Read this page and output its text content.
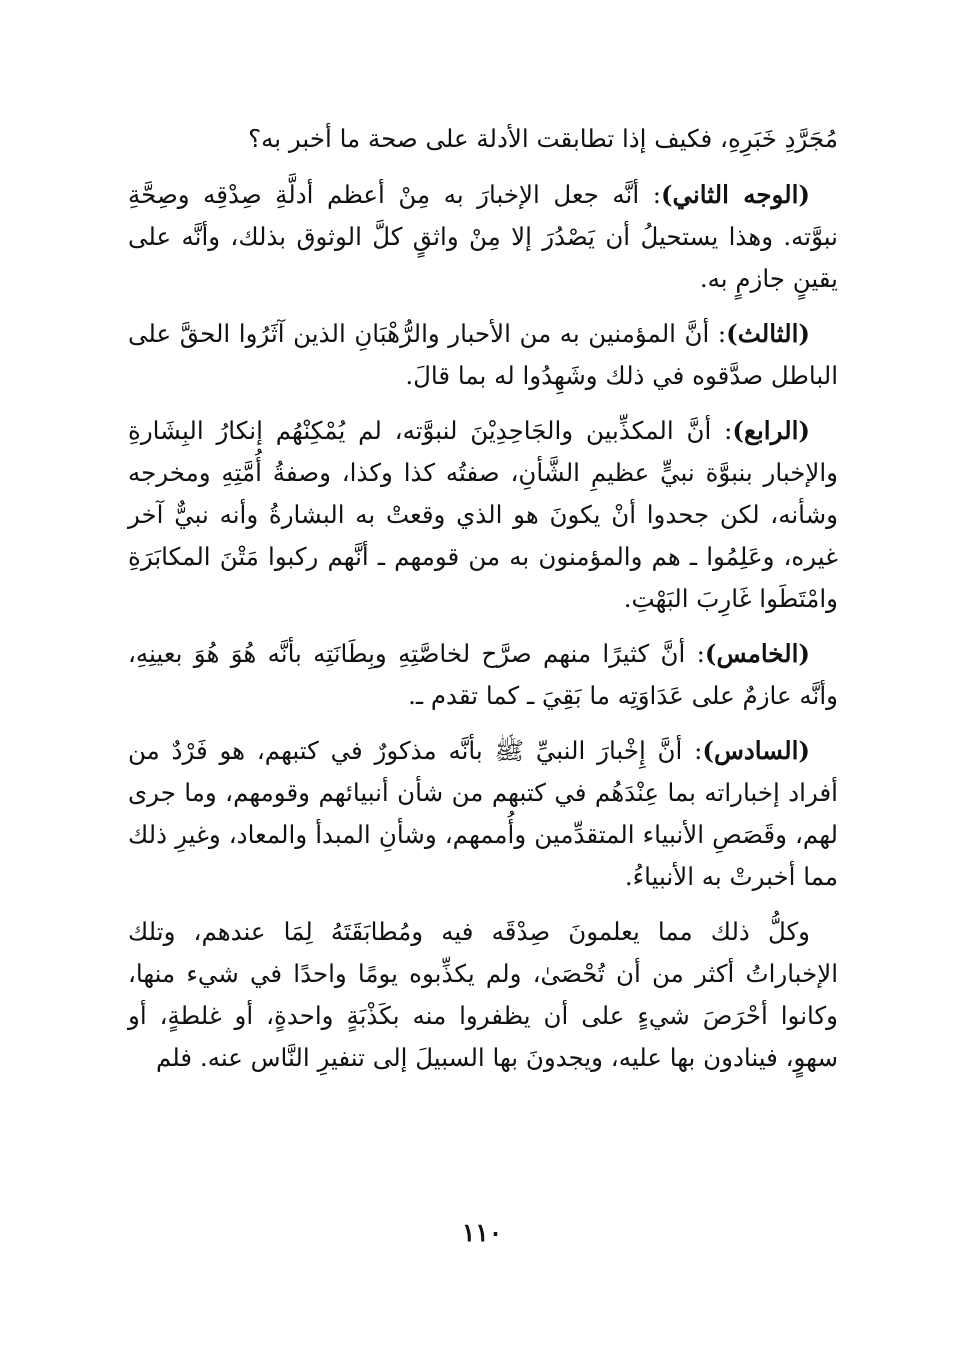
مُجَرَّدِ خَبَرِهِ، فكيف إذا تطابقت الأدلة على صحة ما أخبر به؟

(الوجه الثاني): أنَّه جعل الإخبارَ به مِنْ أعظم أدلَّةِ صِدْقِه وصِحَّةِ نبوَّته. وهذا يستحيلُ أن يَصْدُرَ إلا مِنْ واثقٍ كلَّ الوثوق بذلك، وأنَّه على يقينٍ جازمٍ به.

(الثالث): أنَّ المؤمنين به من الأحبار والرُّهْبَانِ الذين آثَرُوا الحقَّ على الباطل صدَّقوه في ذلك وشَهِدُوا له بما قالَ.

(الرابع): أنَّ المكذِّبين والجَاحِدِيْنَ لنبوَّته، لم يُمْكِنْهُم إنكارُ البِشَارةِ والإخبار بنبوَّة نبيٍّ عظيمِ الشَّأنِ، صفتُه كذا وكذا، وصفةُ أُمَّتِهِ ومخرجه وشأنه، لكن جحدوا أنْ يكونَ هو الذي وقعتْ به البشارةُ وأنه نبيٌّ آخر غيره، وعَلِمُوا ـ هم والمؤمنون به من قومهم ـ أنَّهم ركبوا مَتْنَ المكابَرَةِ وامْتَطَوا غَارِبَ البَهْتِ.

(الخامس): أنَّ كثيرًا منهم صرَّح لخاصَّتِهِ وبِطَانَتِه بأنَّه هُوَ هُوَ بعينِهِ، وأنَّه عازمٌ على عَدَاوَتِه ما بَقِيَ ـ كما تقدم ـ.

(السادس): أنَّ إِخْبارَ النبيِّ ﷺ بأنَّه مذكورٌ في كتبهم، هو فَرْدٌ من أفراد إخباراته بما عِنْدَهُم في كتبهم من شأن أنبيائهم وقومهم، وما جرى لهم، وقَصَصِ الأنبياء المتقدِّمين وأُممهم، وشأنِ المبدأ والمعاد، وغيرِ ذلك مما أخبرتْ به الأنبياءُ.

وكلُّ ذلك مما يعلمونَ صِدْقَه فيه ومُطابَقَتَهُ لِمَا عندهم، وتلك الإخباراتُ أكثر من أن تُحْصَىٰ، ولم يكذِّبوه يومًا واحدًا في شيء منها، وكانوا أحْرَصَ شيءٍ على أن يظفروا منه بكَذْبَةٍ واحدةٍ، أو غلطةٍ، أو سهوٍ، فينادون بها عليه، ويجدونَ بها السبيلَ إلى تنفيرِ النَّاس عنه. فلم

١١٠
